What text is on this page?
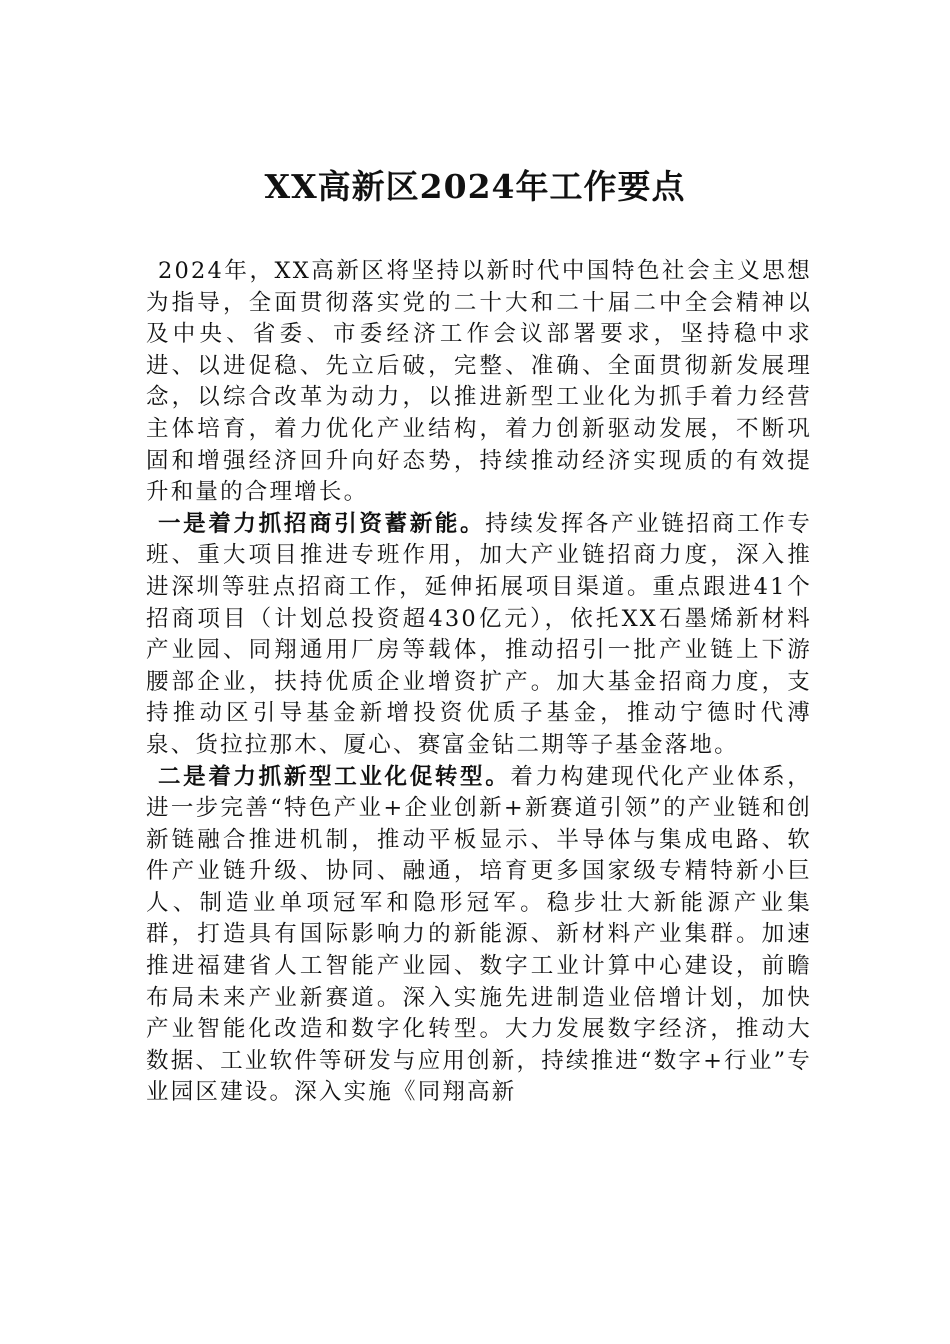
XX高新区2024年工作要点

2024年，XX高新区将坚持以新时代中国特色社会主义思想为指导，全面贯彻落实党的二十大和二十届二中全会精神以及中央、省委、市委经济工作会议部署要求，坚持稳中求进、以进促稳、先立后破，完整、准确、全面贯彻新发展理念，以综合改革为动力，以推进新型工业化为抓手着力经营主体培育，着力优化产业结构，着力创新驱动发展，不断巩固和增强经济回升向好态势，持续推动经济实现质的有效提升和量的合理增长。

一是着力抓招商引资蓄新能。持续发挥各产业链招商工作专班、重大项目推进专班作用，加大产业链招商力度，深入推进深圳等驻点招商工作，延伸拓展项目渠道。重点跟进41个招商项目（计划总投资超430亿元），依托XX石墨烯新材料产业园、同翔通用厂房等载体，推动招引一批产业链上下游腰部企业，扶持优质企业增资扩产。加大基金招商力度，支持推动区引导基金新增投资优质子基金，推动宁德时代溥泉、货拉拉那木、厦心、赛富金钻二期等子基金落地。

二是着力抓新型工业化促转型。着力构建现代化产业体系，进一步完善“特色产业+企业创新+新赛道引领”的产业链和创新链融合推进机制，推动平板显示、半导体与集成电路、软件产业链升级、协同、融通，培育更多国家级专精特新小巨人、制造业单项冠军和隐形冠军。稳步壮大新能源产业集群，打造具有国际影响力的新能源、新材料产业集群。加速推进福建省人工智能产业园、数字工业计算中心建设，前瞻布局未来产业新赛道。深入实施先进制造业倍增计划，加快产业智能化改造和数字化转型。大力发展数字经济，推动大数据、工业软件等研发与应用创新，持续推进“数字+行业”专业园区建设。深入实施《同翔高新
